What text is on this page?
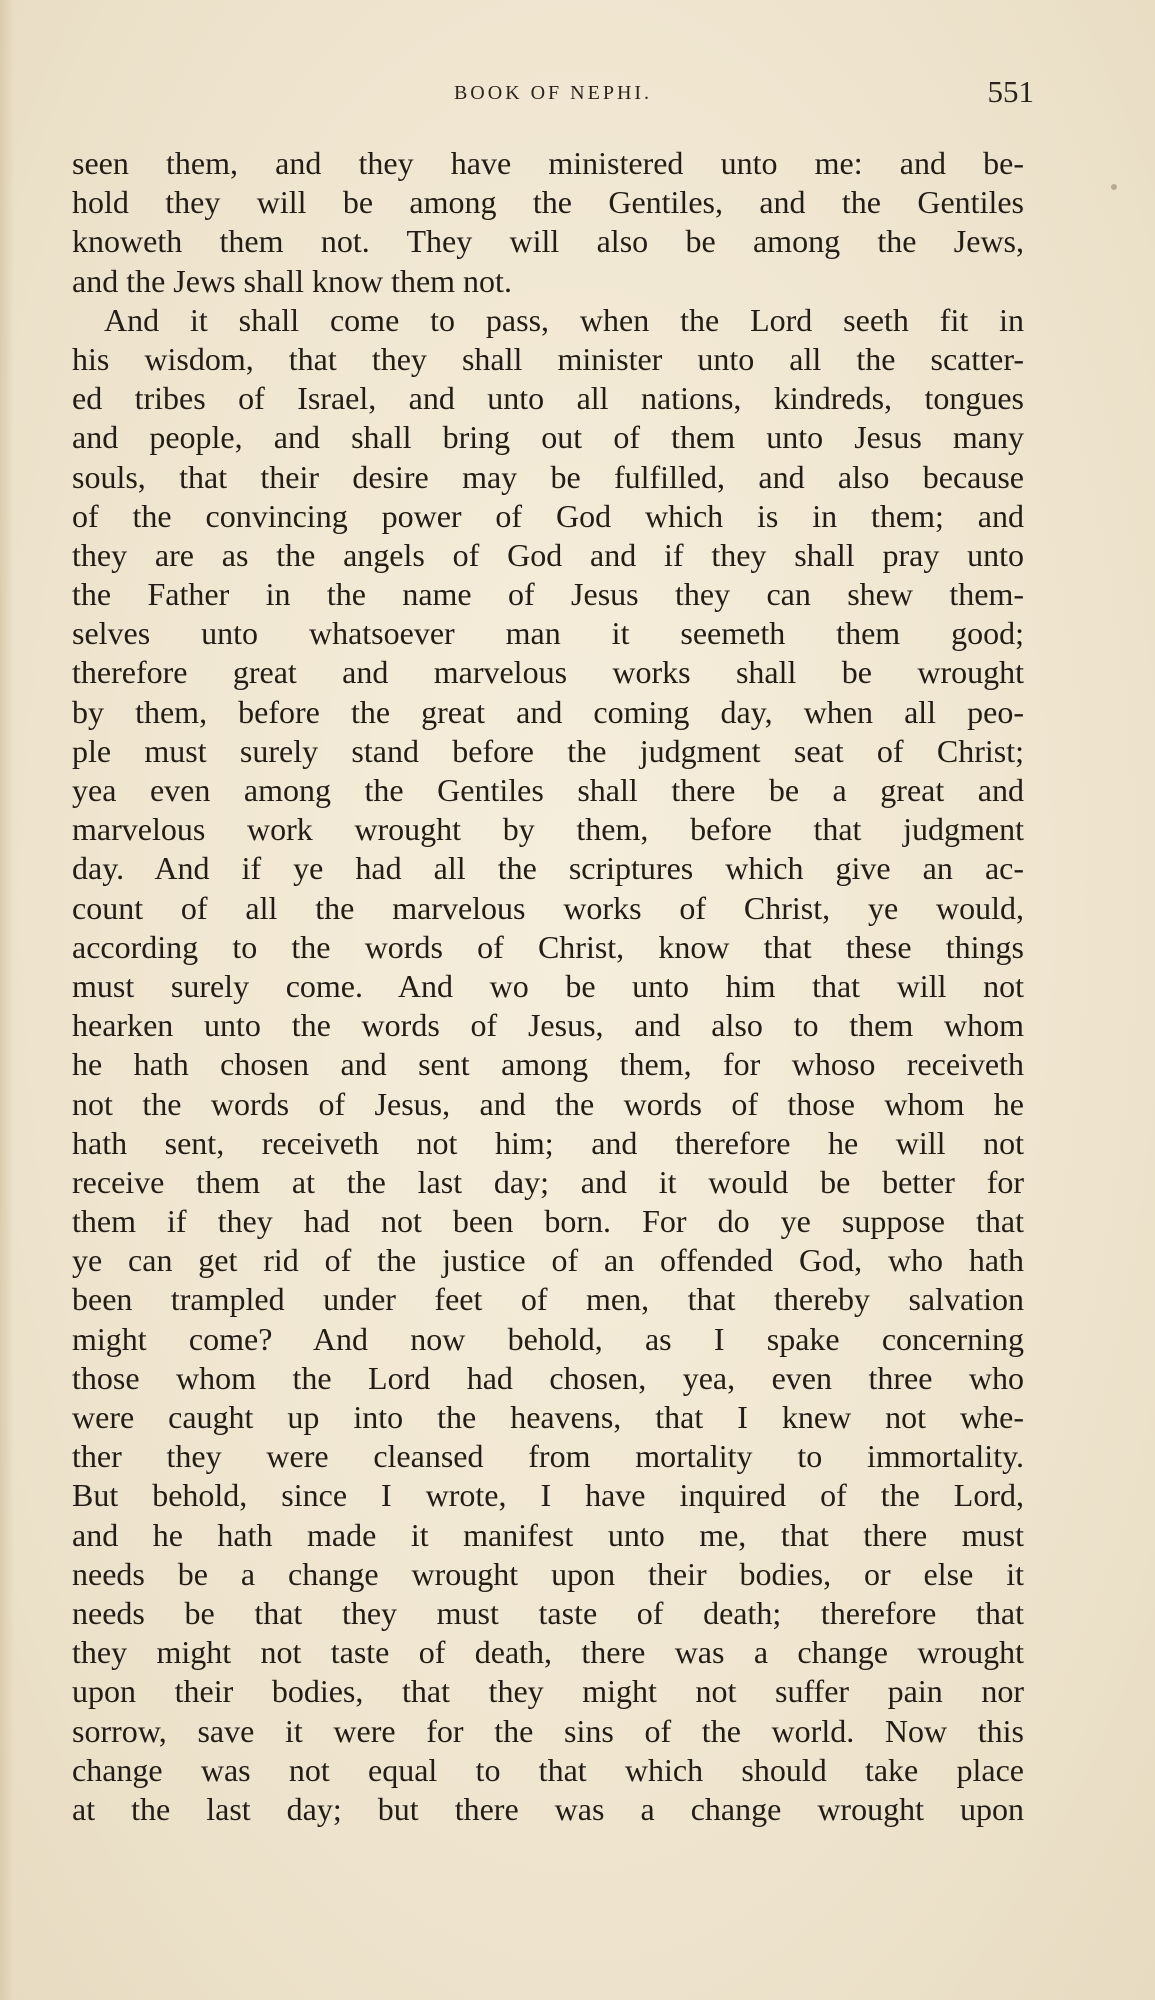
BOOK OF NEPHI.	551
seen them, and they have ministered unto me: and be-
hold they will be among the Gentiles, and the Gentiles
knoweth them not. They will also be among the Jews,
and the Jews shall know them not.
And it shall come to pass, when the Lord seeth fit in
his wisdom, that they shall minister unto all the scatter-
ed tribes of Israel, and unto all nations, kindreds, tongues
and people, and shall bring out of them unto Jesus many
souls, that their desire may be fulfilled, and also because
of the convincing power of God which is in them; and
they are as the angels of God and if they shall pray unto
the Father in the name of Jesus they can shew them-
selves unto whatsoever man it seemeth them good;
therefore great and marvelous works shall be wrought
by them, before the great and coming day, when all peo-
ple must surely stand before the judgment seat of Christ;
yea even among the Gentiles shall there be a great and
marvelous work wrought by them, before that judgment
day. And if ye had all the scriptures which give an ac-
count of all the marvelous works of Christ, ye would,
according to the words of Christ, know that these things
must surely come. And wo be unto him that will not
hearken unto the words of Jesus, and also to them whom
he hath chosen and sent among them, for whoso receiveth
not the words of Jesus, and the words of those whom he
hath sent, receiveth not him; and therefore he will not
receive them at the last day; and it would be better for
them if they had not been born. For do ye suppose that
ye can get rid of the justice of an offended God, who hath
been trampled under feet of men, that thereby salvation
might come? And now behold, as I spake concerning
those whom the Lord had chosen, yea, even three who
were caught up into the heavens, that I knew not whe-
ther they were cleansed from mortality to immortality.
But behold, since I wrote, I have inquired of the Lord,
and he hath made it manifest unto me, that there must
needs be a change wrought upon their bodies, or else it
needs be that they must taste of death; therefore that
they might not taste of death, there was a change wrought
upon their bodies, that they might not suffer pain nor
sorrow, save it were for the sins of the world. Now this
change was not equal to that which should take place
at the last day; but there was a change wrought upon
